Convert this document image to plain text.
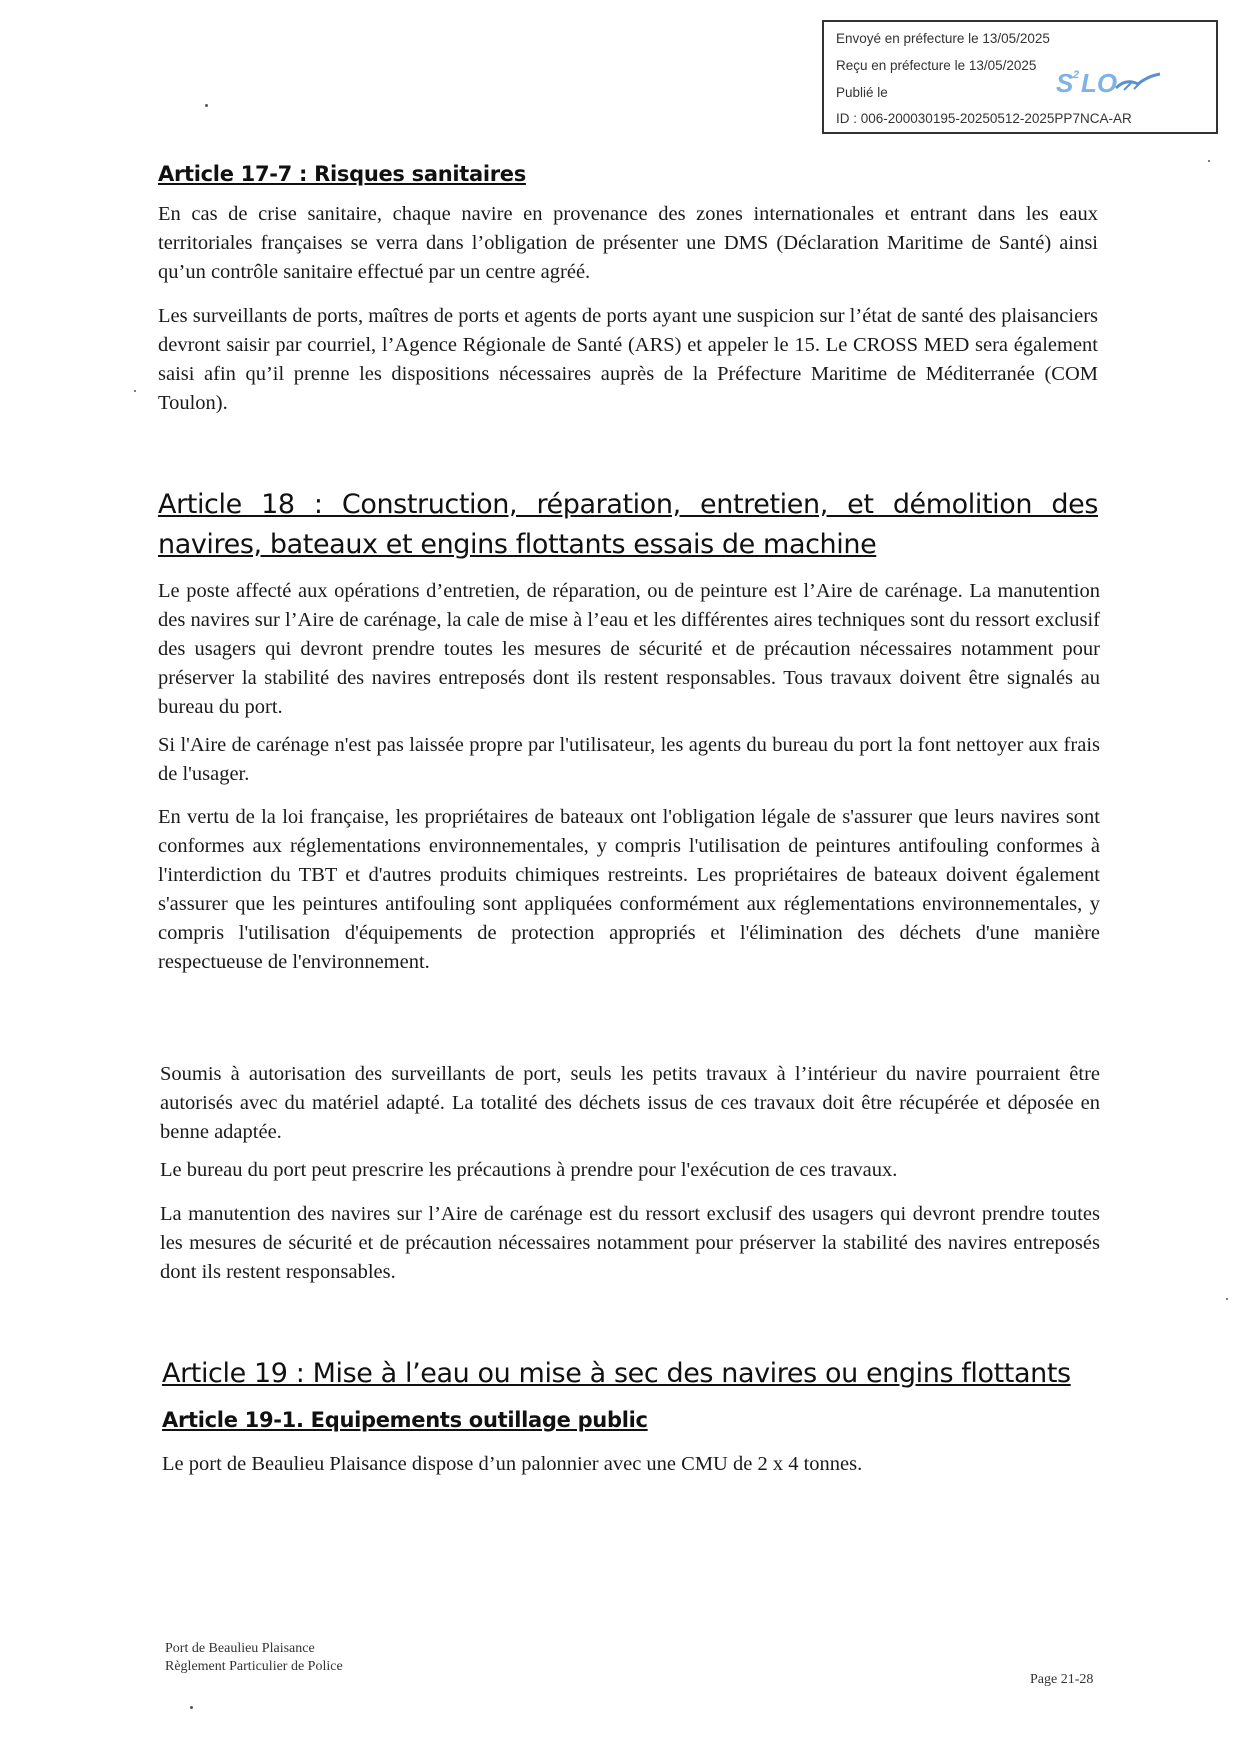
Envoyé en préfecture le 13/05/2025
Reçu en préfecture le 13/05/2025
Publié le
ID : 006-200030195-20250512-2025PP7NCA-AR
S 2 LO
Article 17-7 : Risques sanitaires

En cas de crise sanitaire, chaque navire en provenance des zones internationales et entrant dans les eaux territoriales françaises se verra dans l’obligation de présenter une DMS (Déclaration Maritime de Santé) ainsi qu’un contrôle sanitaire effectué par un centre agréé.

Les surveillants de ports, maîtres de ports et agents de ports ayant une suspicion sur l’état de santé des plaisanciers devront saisir par courriel, l’Agence Régionale de Santé (ARS) et appeler le 15. Le CROSS MED sera également saisi afin qu’il prenne les dispositions nécessaires auprès de la Préfecture Maritime de Méditerranée (COM Toulon).

Article 18 : Construction, réparation, entretien, et démolition des navires, bateaux et engins flottants essais de machine

Le poste affecté aux opérations d’entretien, de réparation, ou de peinture est l’Aire de carénage. La manutention des navires sur l’Aire de carénage, la cale de mise à l’eau et les différentes aires techniques sont du ressort exclusif des usagers qui devront prendre toutes les mesures de sécurité et de précaution nécessaires notamment pour préserver la stabilité des navires entreposés dont ils restent responsables. Tous travaux doivent être signalés au bureau du port.

Si l'Aire de carénage n'est pas laissée propre par l'utilisateur, les agents du bureau du port la font nettoyer aux frais de l'usager.

En vertu de la loi française, les propriétaires de bateaux ont l'obligation légale de s'assurer que leurs navires sont conformes aux réglementations environnementales, y compris l'utilisation de peintures antifouling conformes à l'interdiction du TBT et d'autres produits chimiques restreints. Les propriétaires de bateaux doivent également s'assurer que les peintures antifouling sont appliquées conformément aux réglementations environnementales, y compris l'utilisation d'équipements de protection appropriés et l'élimination des déchets d'une manière respectueuse de l'environnement.

Soumis à autorisation des surveillants de port, seuls les petits travaux à l’intérieur du navire pourraient être autorisés avec du matériel adapté. La totalité des déchets issus de ces travaux doit être récupérée et déposée en benne adaptée.

Le bureau du port peut prescrire les précautions à prendre pour l'exécution de ces travaux.

La manutention des navires sur l’Aire de carénage est du ressort exclusif des usagers qui devront prendre toutes les mesures de sécurité et de précaution nécessaires notamment pour préserver la stabilité des navires entreposés dont ils restent responsables.

Article 19 : Mise à l’eau ou mise à sec des navires ou engins flottants
Article 19-1. Equipements outillage public

Le port de Beaulieu Plaisance dispose d’un palonnier avec une CMU de 2 x 4 tonnes.

Port de Beaulieu Plaisance
Règlement Particulier de Police
Page 21-28
